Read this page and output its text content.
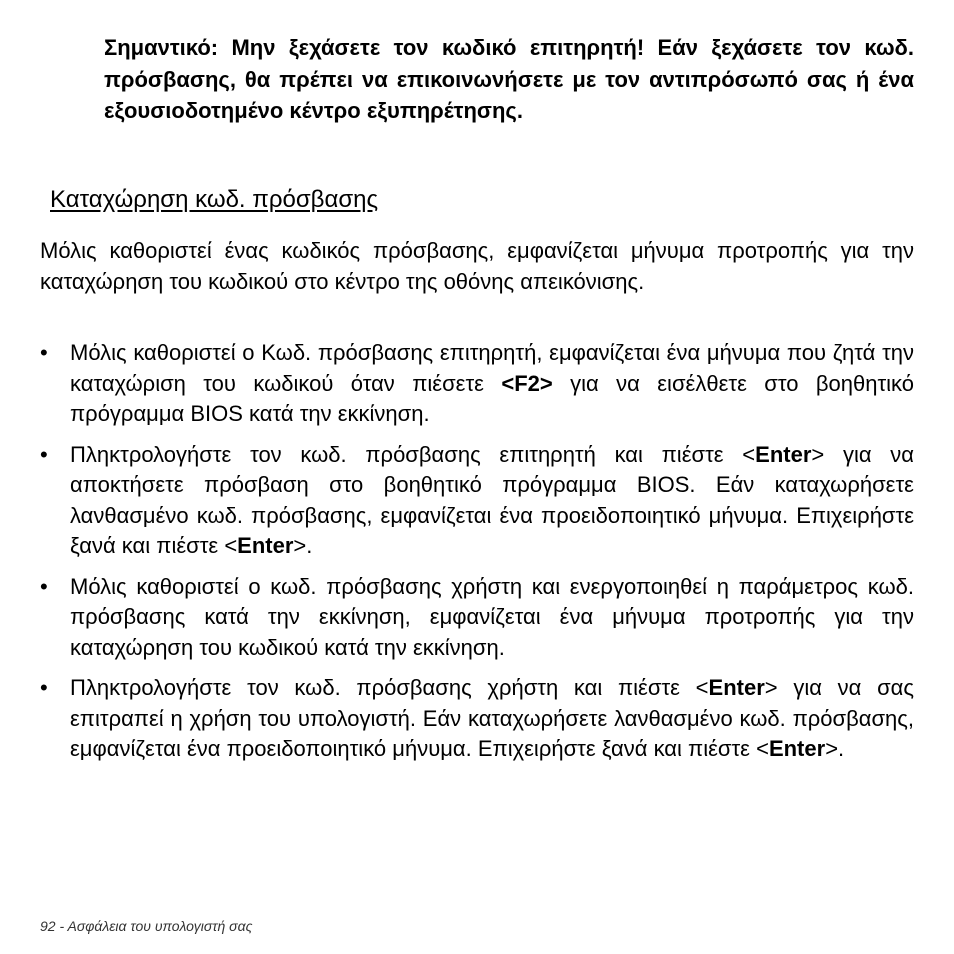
Σημαντικό: Μην ξεχάσετε τον κωδικό επιτηρητή! Εάν ξεχάσετε τον κωδ. πρόσβασης, θα πρέπει να επικοινωνήσετε με τον αντιπρόσωπό σας ή ένα εξουσιοδοτημένο κέντρο εξυπηρέτησης.

Καταχώρηση κωδ. πρόσβασης

Μόλις καθοριστεί ένας κωδικός πρόσβασης, εμφανίζεται μήνυμα προτροπής για την καταχώρηση του κωδικού στο κέντρο της οθόνης απεικόνισης.

• Μόλις καθοριστεί ο Κωδ. πρόσβασης επιτηρητή, εμφανίζεται ένα μήνυμα που ζητά την καταχώριση του κωδικού όταν πιέσετε <F2> για να εισέλθετε στο βοηθητικό πρόγραμμα BIOS κατά την εκκίνηση.
• Πληκτρολογήστε τον κωδ. πρόσβασης επιτηρητή και πιέστε <Enter> για να αποκτήσετε πρόσβαση στο βοηθητικό πρόγραμμα BIOS. Εάν καταχωρήσετε λανθασμένο κωδ. πρόσβασης, εμφανίζεται ένα προειδοποιητικό μήνυμα. Επιχειρήστε ξανά και πιέστε <Enter>.
• Μόλις καθοριστεί ο κωδ. πρόσβασης χρήστη και ενεργοποιηθεί η παράμετρος κωδ. πρόσβασης κατά την εκκίνηση, εμφανίζεται ένα μήνυμα προτροπής για την καταχώρηση του κωδικού κατά την εκκίνηση.
• Πληκτρολογήστε τον κωδ. πρόσβασης χρήστη και πιέστε <Enter> για να σας επιτραπεί η χρήση του υπολογιστή. Εάν καταχωρήσετε λανθασμένο κωδ. πρόσβασης, εμφανίζεται ένα προειδοποιητικό μήνυμα. Επιχειρήστε ξανά και πιέστε <Enter>.

92 - Ασφάλεια του υπολογιστή σας
